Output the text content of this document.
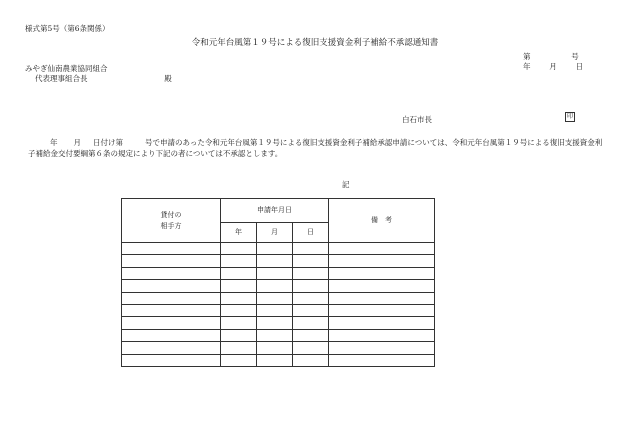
様式第5号（第6条関係）
令和元年台風第１９号による復旧支援資金利子補給不承認通知書
第	号
年	月	日
みやぎ仙南農業協同組合
代表理事組合長	殿
白石市長	印
年 月 日付け第	号で申請のあった令和元年台風第１９号による復旧支援資金利子補給承認申請については、令和元年台風第１９号による復旧支援資金利子補給金交付要綱第６条の規定により下記の者については不承認とします。
記
貸付の
相手方	申請年月日			備　考
	年	月	日	
